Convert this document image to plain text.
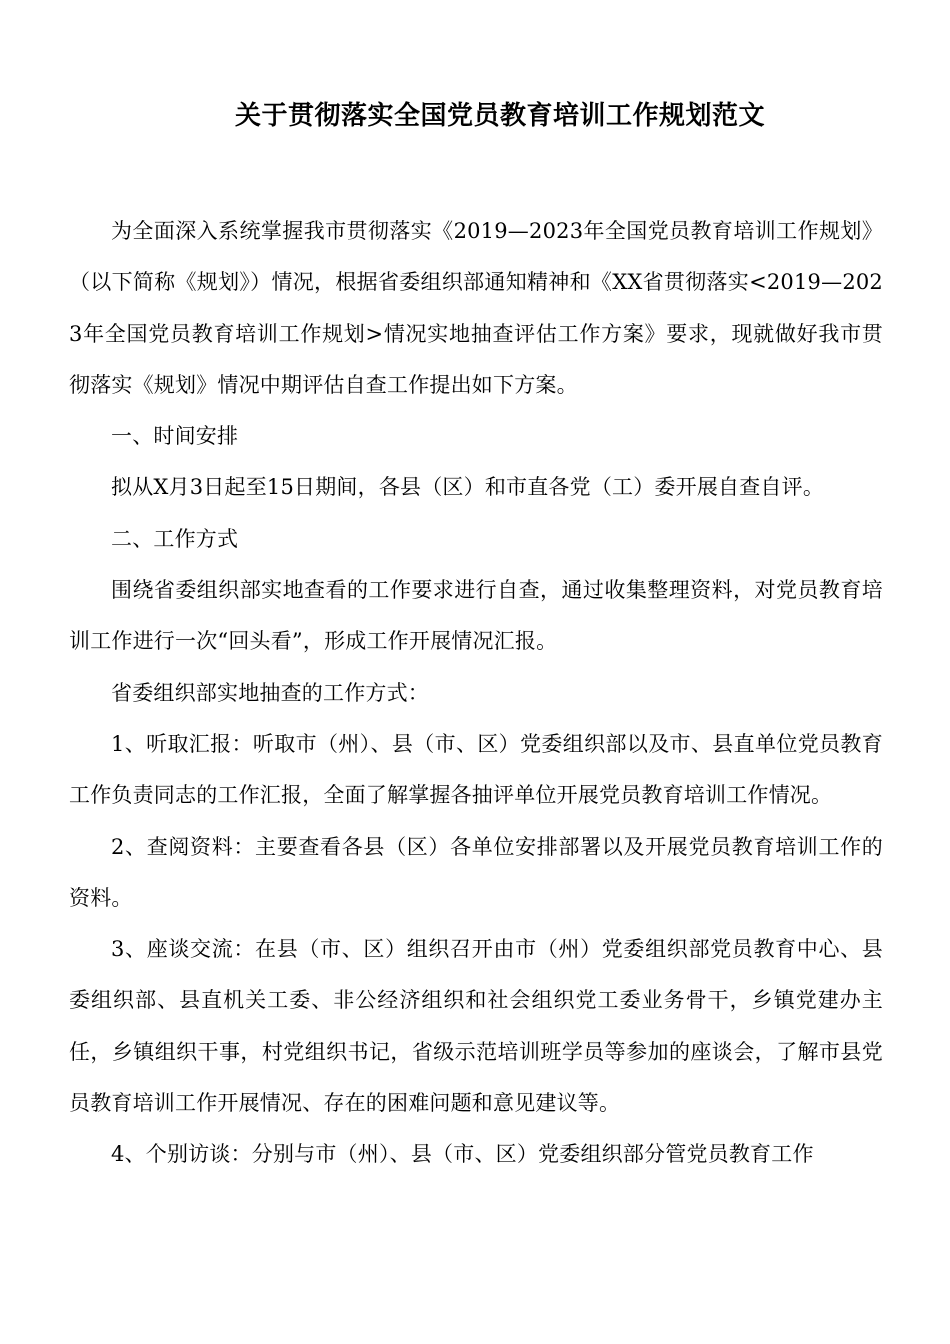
关于贯彻落实全国党员教育培训工作规划范文

为全面深入系统掌握我市贯彻落实《2019—2023年全国党员教育培训工作规划》（以下简称《规划》）情况，根据省委组织部通知精神和《XX省贯彻落实<2019—2023年全国党员教育培训工作规划>情况实地抽查评估工作方案》要求，现就做好我市贯彻落实《规划》情况中期评估自查工作提出如下方案。

一、时间安排

拟从X月3日起至15日期间，各县（区）和市直各党（工）委开展自查自评。

二、工作方式

围绕省委组织部实地查看的工作要求进行自查，通过收集整理资料，对党员教育培训工作进行一次“回头看”，形成工作开展情况汇报。

省委组织部实地抽查的工作方式：

1、听取汇报：听取市（州）、县（市、区）党委组织部以及市、县直单位党员教育工作负责同志的工作汇报，全面了解掌握各抽评单位开展党员教育培训工作情况。

2、查阅资料：主要查看各县（区）各单位安排部署以及开展党员教育培训工作的资料。

3、座谈交流：在县（市、区）组织召开由市（州）党委组织部党员教育中心、县委组织部、县直机关工委、非公经济组织和社会组织党工委业务骨干，乡镇党建办主任，乡镇组织干事，村党组织书记，省级示范培训班学员等参加的座谈会，了解市县党员教育培训工作开展情况、存在的困难问题和意见建议等。

4、个别访谈：分别与市（州）、县（市、区）党委组织部分管党员教育工作
